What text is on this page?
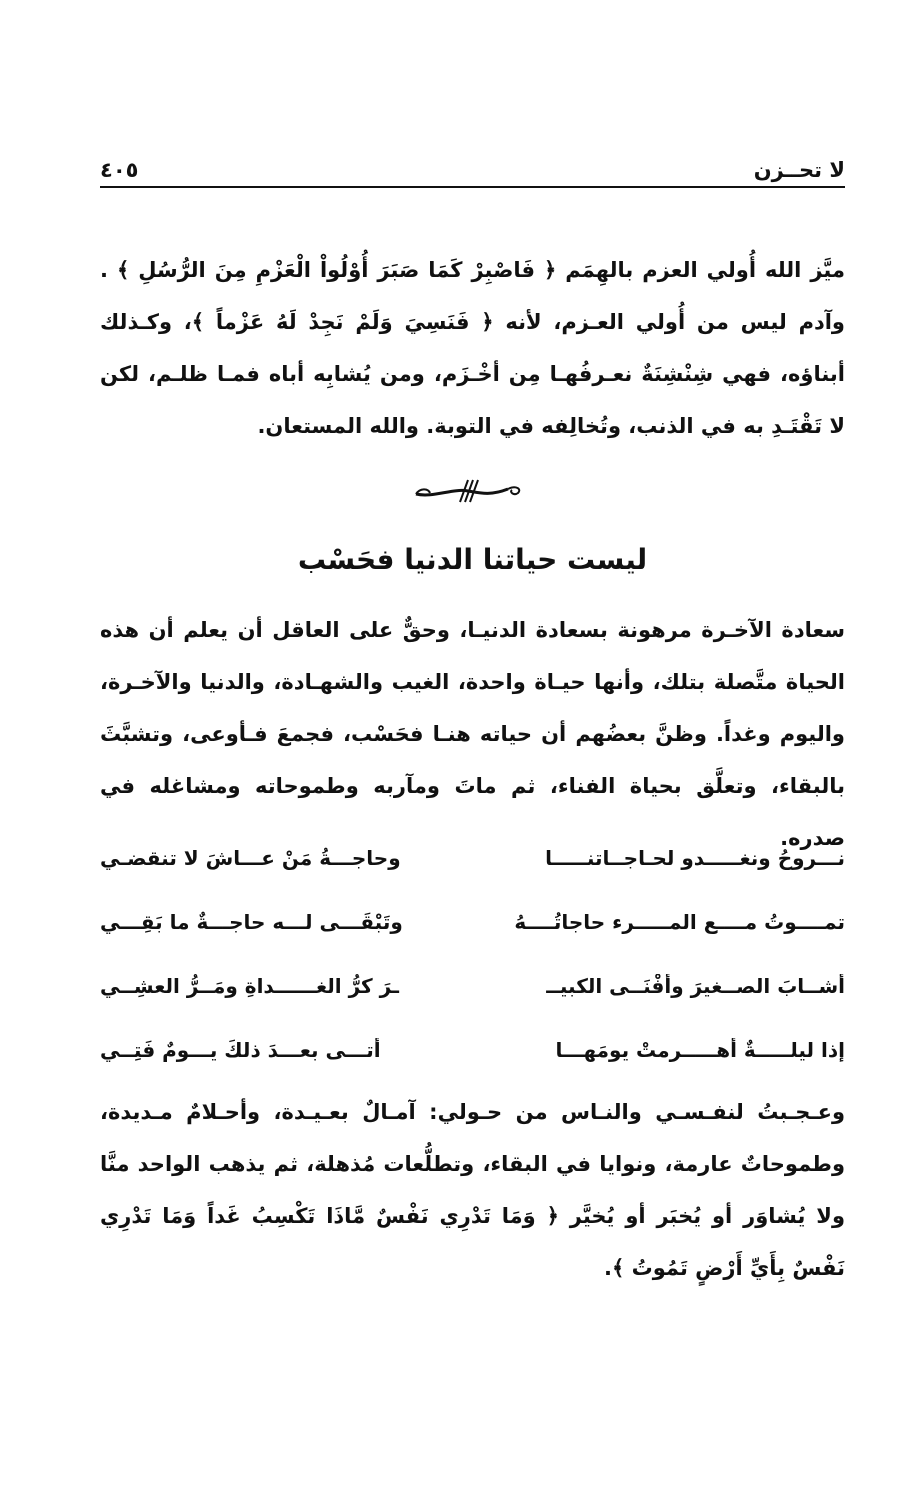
لا تحــزن
٤٠٥

ميَّز الله أُولي العزم بالهِمَم ﴿ فَاصْبِرْ كَمَا صَبَرَ أُوْلُواْ الْعَزْمِ مِنَ الرُّسُلِ ﴾ . وآدم ليس من أُولي العـزم، لأنه ﴿ فَنَسِيَ وَلَمْ نَجِدْ لَهُ عَزْماً ﴾، وكـذلك أبناؤه، فهي شِنْشِنَةٌ نعـرفُهـا مِن أخْـزَم، ومن يُشابِه أباه فمـا ظلـم، لكن لا تَقْتَـدِ به في الذنب، وتُخالِفه في التوبة. والله المستعان.

ليست حياتنا الدنيا فحَسْب

سعادة الآخـرة مرهونة بسعادة الدنيـا، وحقٌّ على العاقل أن يعلم أن هذه الحياة متَّصلة بتلك، وأنها حيـاة واحدة، الغيب والشهـادة، والدنيا والآخـرة، واليوم وغداً. وظنَّ بعضُهم أن حياته هنـا فحَسْب، فجمعَ فـأوعى، وتشبَّثَ بالبقاء، وتعلَّق بحياة الفناء، ثم ماتَ ومآربه وطموحاته ومشاغله في صدره.

نـــروحُ ونغـــــدو لحـاجــاتنـــــا
وحاجـــةُ مَنْ عـــاشَ لا تنقضـي
تمــــوتُ مــــع المـــــرء حاجاتُــــهُ
وتَبْقَـــى لـــه حاجـــةٌ ما بَقِـــي
أشــابَ الصــغيرَ وأفْنَــى الكبيــ
ـرَ كرُّ الغــــــداةِ ومَــرُّ العشِــي
إذا ليلـــــةٌ أهـــــرمتْ يومَهـــا
أتـــى بعـــدَ ذلكَ يـــومٌ فَتِــي

وعـجـبتُ لنفـسـي والنـاس من حـولي: آمـالٌ بعـيـدة، وأحـلامٌ مـديدة، وطموحاتٌ عارمة، ونوايا في البقاء، وتطلُّعات مُذهلة، ثم يذهب الواحد منَّا ولا يُشاوَر أو يُخبَر أو يُخيَّر ﴿ وَمَا تَدْرِي نَفْسٌ مَّاذَا تَكْسِبُ غَداً وَمَا تَدْرِي نَفْسٌ بِأَيِّ أَرْضٍ تَمُوتُ ﴾.
